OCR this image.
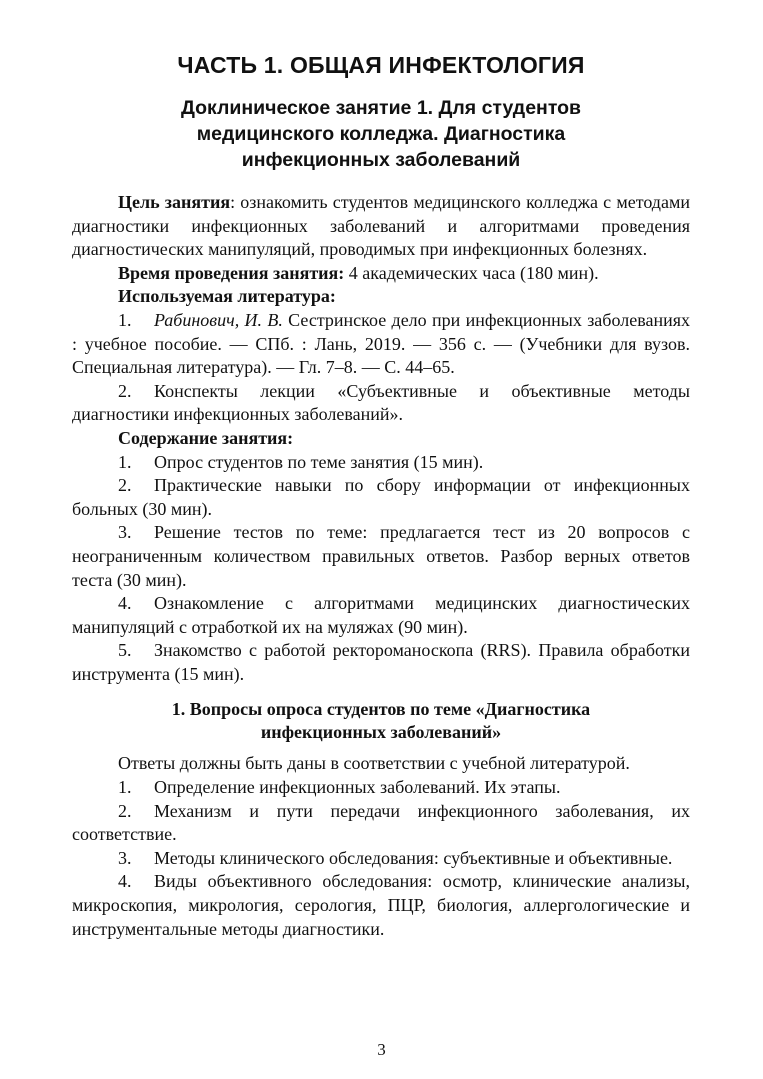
ЧАСТЬ 1. ОБЩАЯ ИНФЕКТОЛОГИЯ
Доклиническое занятие 1. Для студентов медицинского колледжа. Диагностика инфекционных заболеваний

Цель занятия: ознакомить студентов медицинского колледжа с методами диагностики инфекционных заболеваний и алгоритмами проведения диагностических манипуляций, проводимых при инфекционных болезнях.

Время проведения занятия: 4 академических часа (180 мин).

Используемая литература:

1. Рабинович, И. В. Сестринское дело при инфекционных заболеваниях : учебное пособие. — СПб. : Лань, 2019. — 356 с. — (Учебники для вузов. Специальная литература). — Гл. 7–8. — С. 44–65.

2. Конспекты лекции «Субъективные и объективные методы диагностики инфекционных заболеваний».

Содержание занятия:

1. Опрос студентов по теме занятия (15 мин).

2. Практические навыки по сбору информации от инфекционных больных (30 мин).

3. Решение тестов по теме: предлагается тест из 20 вопросов с неограниченным количеством правильных ответов. Разбор верных ответов теста (30 мин).

4. Ознакомление с алгоритмами медицинских диагностических манипуляций с отработкой их на муляжах (90 мин).

5. Знакомство с работой ректороманоскопа (RRS). Правила обработки инструмента (15 мин).

1. Вопросы опроса студентов по теме «Диагностика инфекционных заболеваний»

Ответы должны быть даны в соответствии с учебной литературой.

1. Определение инфекционных заболеваний. Их этапы.

2. Механизм и пути передачи инфекционного заболевания, их соответствие.

3. Методы клинического обследования: субъективные и объективные.

4. Виды объективного обследования: осмотр, клинические анализы, микроскопия, микрология, серология, ПЦР, биология, аллергологические и инструментальные методы диагностики.

3
